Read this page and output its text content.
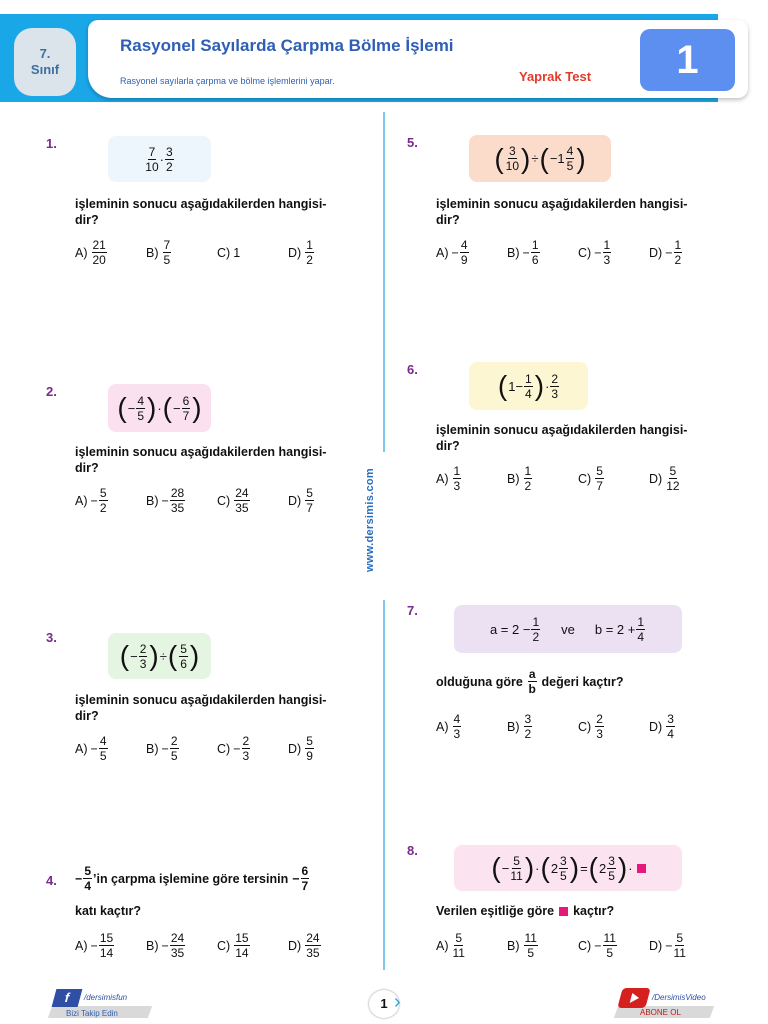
7.
Sınıf
Rasyonel Sayılarda Çarpma Bölme İşlemi
Rasyonel sayılarla çarpma ve bölme işlemlerini yapar.	Yaprak Test	1
www.dersimis.com
1.
7
10 · 3
2
işleminin sonucu aşağıdakilerden hangisi-
dir?
A)
21
20
B)
7
5
C) 1	D)
1
2
2.
( − $\frac{4}{5}$ ) · ( − $\frac{6}{7}$ )
işleminin sonucu aşağıdakilerden hangisi-
dir?
$A) - \frac{5}{2}$	$B) - \frac{28}{35}$	C)
24
35
D)
5
7
3.
( − $\frac{2}{3}$ ) ÷ ( 5
6 )
işleminin sonucu aşağıdakilerden hangisi-
dir?
$A) - \frac{4}{5}$	$B) - \frac{2}{5}$	$C) - \frac{2}{3}$	D)
5
9
4. − $\frac{5}{4}$ ’in çarpma işlemine göre tersinin − $\frac{6}{7}$
katı kaçtır?
$A) - \frac{15}{14}$	$B) - \frac{24}{35}$	C)
15
14
D)
24
35
5.	( 3
10 ) ÷ ( − 1 4
5 )
işleminin sonucu aşağıdakilerden hangisi-
dir?
$A) - \frac{4}{9}$	$B) - \frac{1}{6}$	$C) - \frac{1}{3}$	$D) - \frac{1}{2}$
6.
( $1 - \frac{1}{4}$ ) · 2
3
işleminin sonucu aşağıdakilerden hangisi-
dir?
A)
1
3
B)
1
2
C)
5
7
D)
5
12
7.
$a = 2 - \frac{1}{2}$ ve $b = 2 + \frac{1}{4}$
olduğuna göre
a
b
değeri kaçtır?
A)
4
3
B)
3
2
C)
2
3
D)
3
4
8.
( − $\frac{5}{11}$ ) · ( 2 3
5 ) = ( 2 3
5 ) ·
Verilen eşitliğe göre kaçtır?
A)
5
11
B)
11
5
$C) - \frac{11}{5}$	$D) - \frac{5}{11}$
f	/dersimisfun
Bizi Takip Edin
1 ›	/DersimisVideo
ABONE OL
